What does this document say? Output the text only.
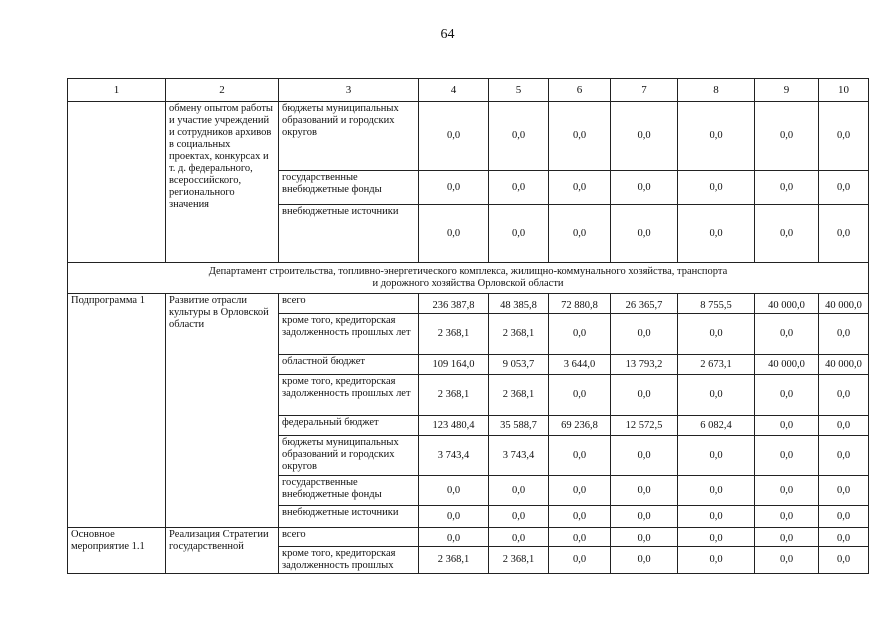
64
1	2	3	4	5	6	7	8	9	10
	обмену опытом работы и участие учреждений и сотрудников архивов в социальных проектах, конкурсах и т. д. федерального, всероссийского, регионального значения	бюджеты муниципальных образований и городских округов	0,0	0,0	0,0	0,0	0,0	0,0	0,0
		государственные внебюджетные фонды	0,0	0,0	0,0	0,0	0,0	0,0	0,0
		внебюджетные источники	0,0	0,0	0,0	0,0	0,0	0,0	0,0

Департамент строительства, топливно-энергетического комплекса, жилищно-коммунального хозяйства, транспорта
и дорожного хозяйства Орловской области									

Подпрограмма 1	Развитие отрасли культуры в Орловской области	всего	236 387,8	48 385,8	72 880,8	26 365,7	8 755,5	40 000,0	40 000,0
		кроме того, кредиторская задолженность прошлых лет	2 368,1	2 368,1	0,0	0,0	0,0	0,0	0,0
		областной бюджет	109 164,0	9 053,7	3 644,0	13 793,2	2 673,1	40 000,0	40 000,0
		кроме того, кредиторская задолженность прошлых лет	2 368,1	2 368,1	0,0	0,0	0,0	0,0	0,0
		федеральный бюджет	123 480,4	35 588,7	69 236,8	12 572,5	6 082,4	0,0	0,0
		бюджеты муниципальных образований и городских округов	3 743,4	3 743,4	0,0	0,0	0,0	0,0	0,0
		государственные внебюджетные фонды	0,0	0,0	0,0	0,0	0,0	0,0	0,0
		внебюджетные источники	0,0	0,0	0,0	0,0	0,0	0,0	0,0
Основное мероприятие 1.1	Реализация Стратегии государственной	всего	0,0	0,0	0,0	0,0	0,0	0,0	0,0
		кроме того, кредиторская задолженность прошлых	2 368,1	2 368,1	0,0	0,0	0,0	0,0	0,0
